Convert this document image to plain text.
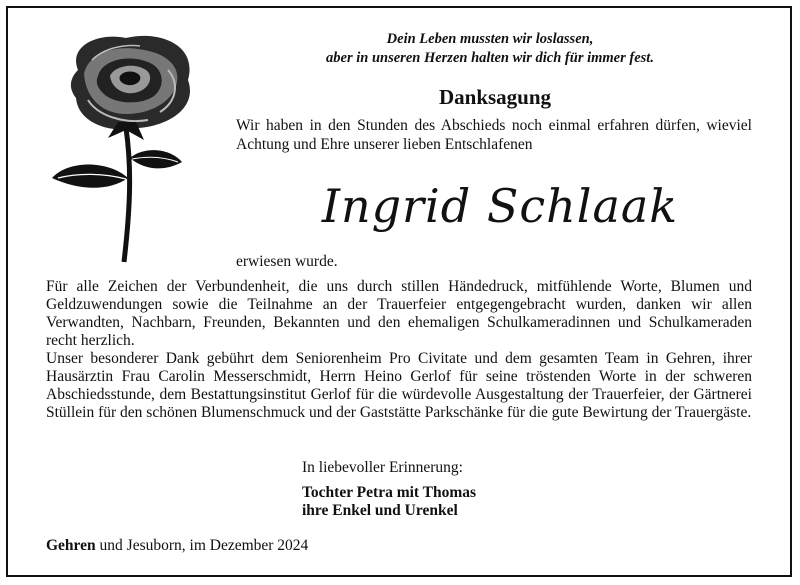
Dein Leben mussten wir loslassen,
aber in unseren Herzen halten wir dich für immer fest.
Danksagung
Wir haben in den Stunden des Abschieds noch einmal erfahren dürfen, wieviel Achtung und Ehre unserer lieben Entschlafenen
Ingrid Schlaak
erwiesen wurde.

Für alle Zeichen der Verbundenheit, die uns durch stillen Händedruck, mitfühlende Worte, Blumen und Geldzuwendungen sowie die Teilnahme an der Trauerfeier entgegengebracht wurden, danken wir allen Verwandten, Nachbarn, Freunden, Bekannten und den ehemaligen Schulkameradinnen und Schulkameraden recht herzlich.

Unser besonderer Dank gebührt dem Seniorenheim Pro Civitate und dem gesamten Team in Gehren, ihrer Hausärztin Frau Carolin Messerschmidt, Herrn Heino Gerlof für seine tröstenden Worte in der schweren Abschiedsstunde, dem Bestattungsinstitut Gerlof für die würdevolle Ausgestaltung der Trauerfeier, der Gärtnerei Stüllein für den schönen Blumenschmuck und der Gaststätte Parkschänke für die gute Bewirtung der Trauergäste.

In liebevoller Erinnerung:
Tochter Petra mit Thomas
ihre Enkel und Urenkel
Gehren und Jesuborn, im Dezember 2024
